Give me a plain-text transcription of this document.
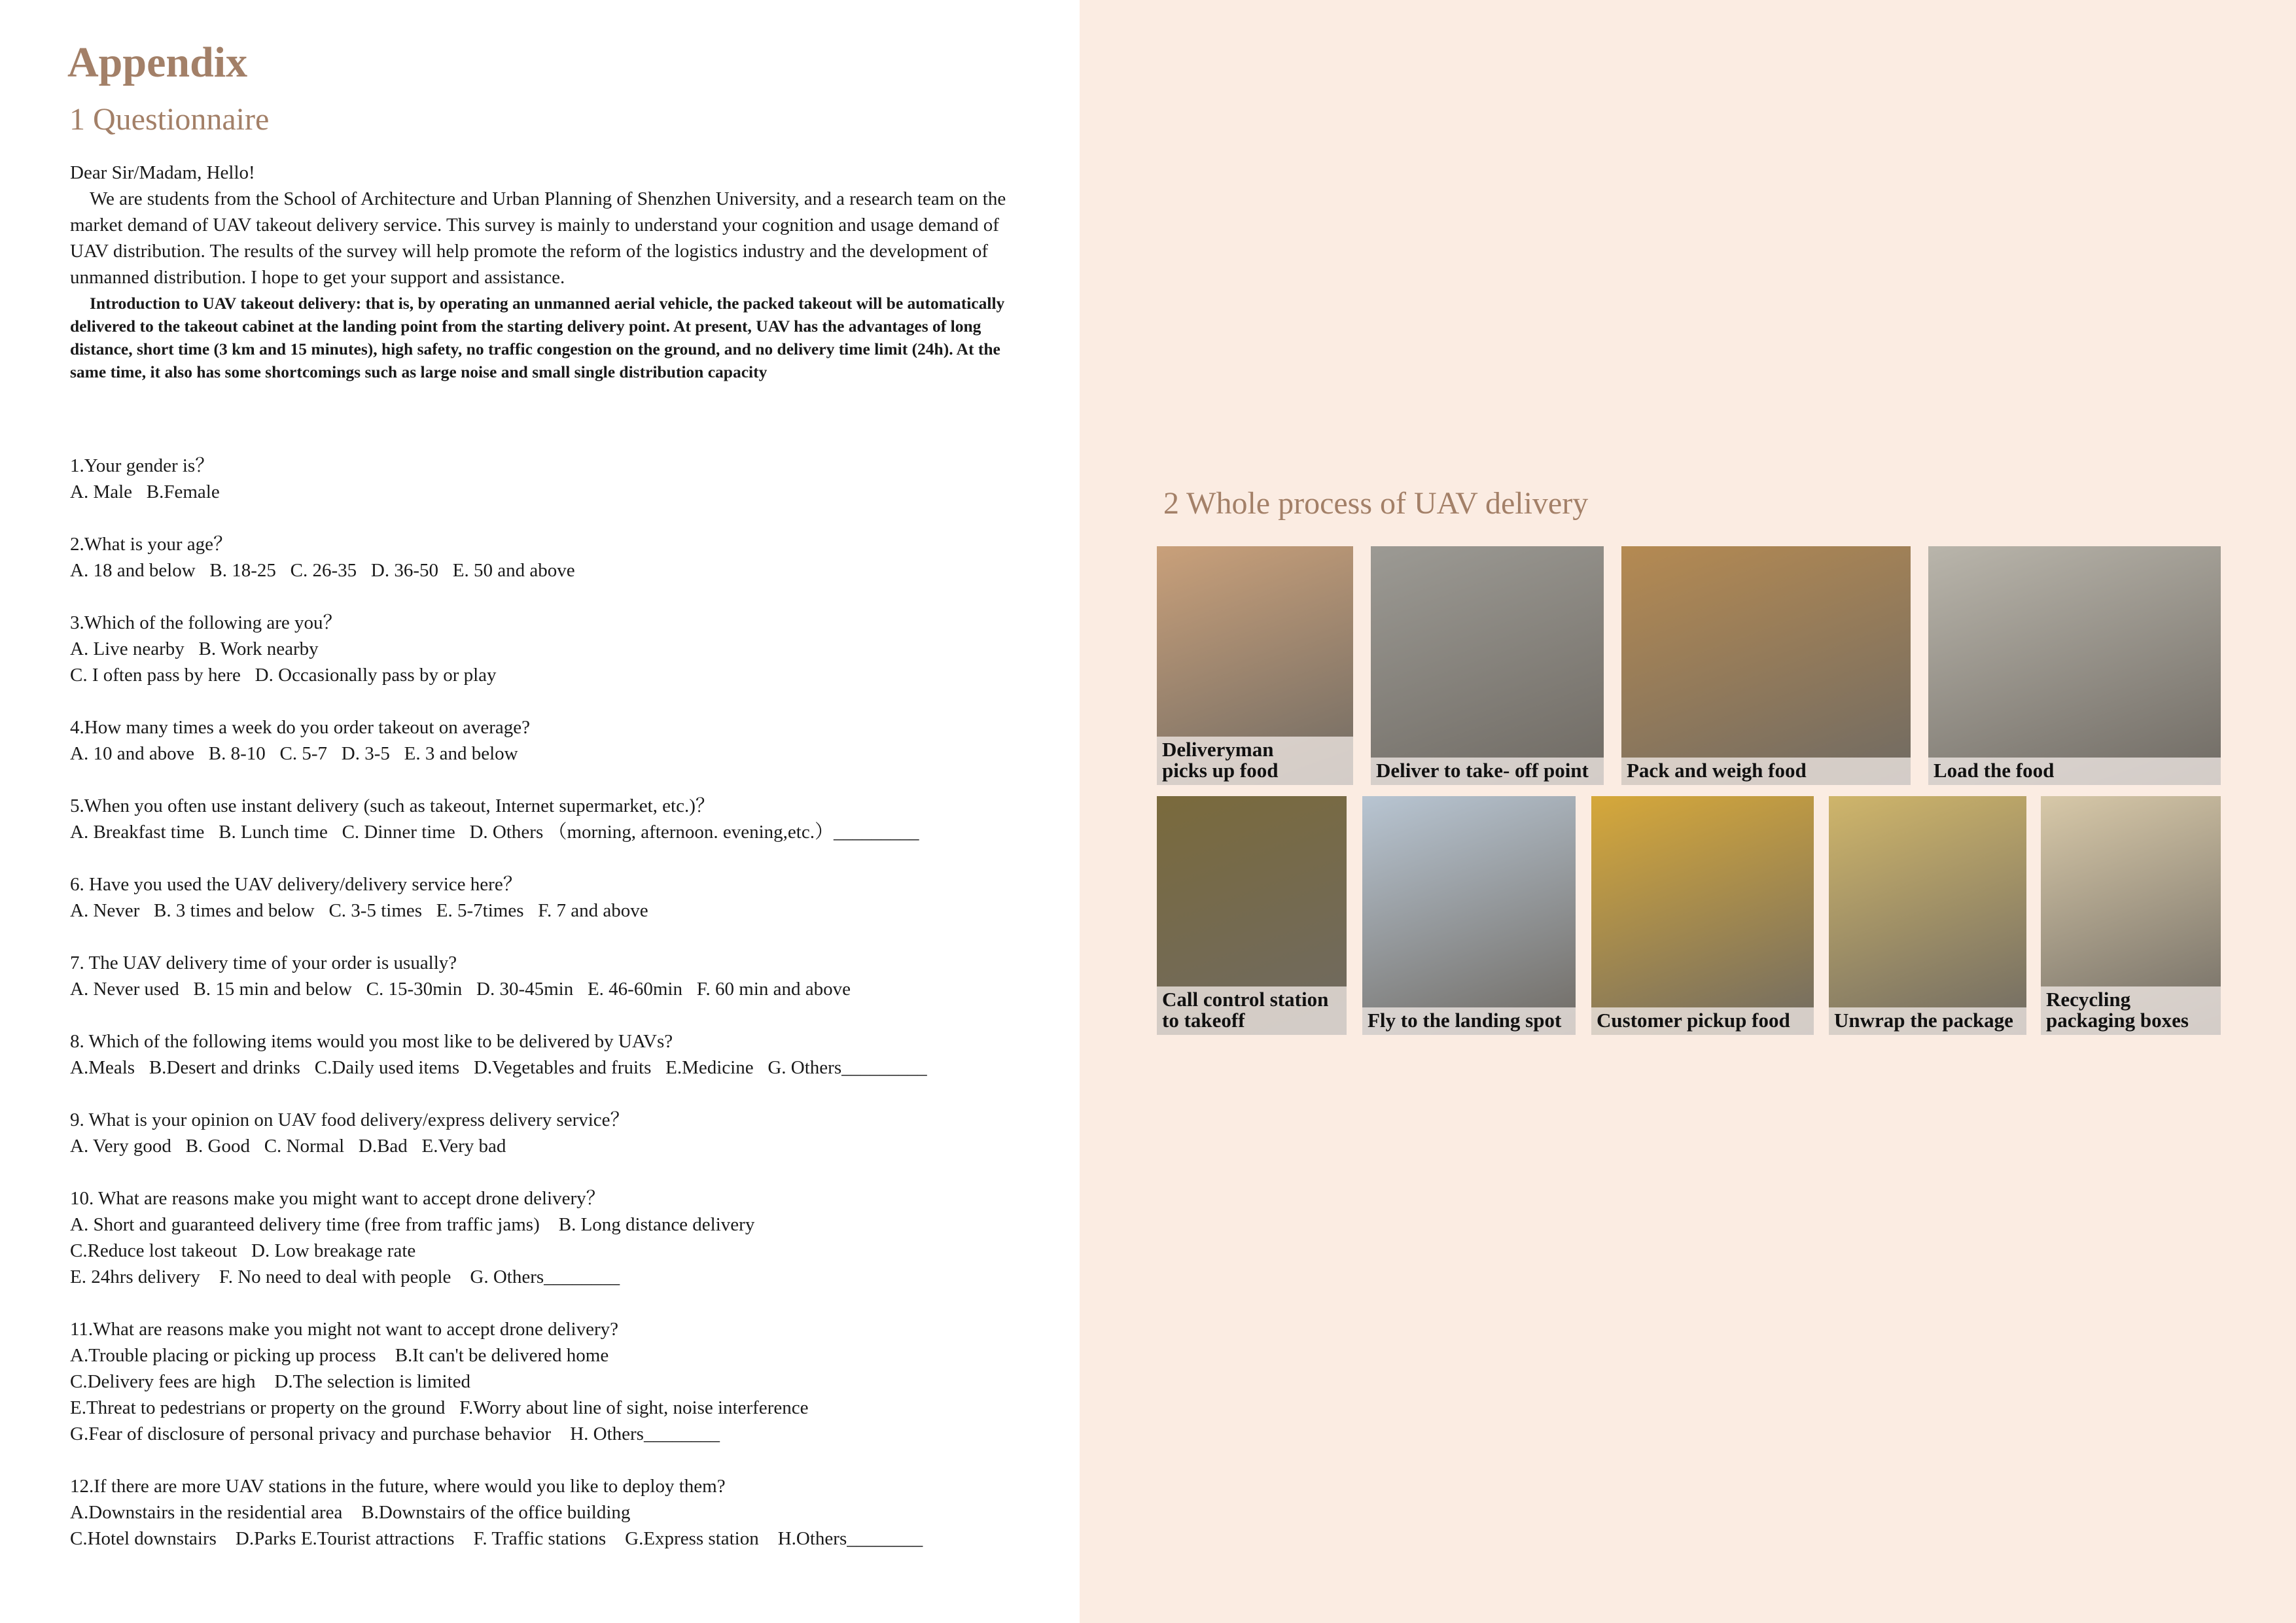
Appendix
1 Questionnaire

Dear Sir/Madam, Hello!

We are students from the School of Architecture and Urban Planning of Shenzhen University, and a research team on the market demand of UAV takeout delivery service. This survey is mainly to understand your cognition and usage demand of UAV distribution. The results of the survey will help promote the reform of the logistics industry and the development of unmanned distribution. I hope to get your support and assistance.

Introduction to UAV takeout delivery: that is, by operating an unmanned aerial vehicle, the packed takeout will be automatically delivered to the takeout cabinet at the landing point from the starting delivery point. At present, UAV has the advantages of long distance, short time (3 km and 15 minutes), high safety, no traffic congestion on the ground, and no delivery time limit (24h). At the same time, it also has some shortcomings such as large noise and small single distribution capacity

1.Your gender is？
A. Male   B.Female
2.What is your age？
A. 18 and below   B. 18-25   C. 26-35   D. 36-50   E. 50 and above
3.Which of the following are you？
A. Live nearby   B. Work nearby
C. I often pass by here   D. Occasionally pass by or play
4.How many times a week do you order takeout on average?
A. 10 and above   B. 8-10   C. 5-7   D. 3-5   E. 3 and below
5.When you often use instant delivery (such as takeout, Internet supermarket, etc.)？
A. Breakfast time   B. Lunch time   C. Dinner time   D. Others （morning, afternoon. evening,etc.）_________
6. Have you used the UAV delivery/delivery service here？
A. Never   B. 3 times and below   C. 3-5 times   E. 5-7times   F. 7 and above
7. The UAV delivery time of your order is usually?
A. Never used   B. 15 min and below   C. 15-30min   D. 30-45min   E. 46-60min   F. 60 min and above
8. Which of the following items would you most like to be delivered by UAVs?
A.Meals   B.Desert and drinks   C.Daily used items   D.Vegetables and fruits   E.Medicine   G. Others_________
9. What is your opinion on UAV food delivery/express delivery service？
A. Very good   B. Good   C. Normal   D.Bad   E.Very bad
10. What are reasons make you might want to accept drone delivery？
A. Short and guaranteed delivery time (free from traffic jams)    B. Long distance delivery
C.Reduce lost takeout   D. Low breakage rate
E. 24hrs delivery    F. No need to deal with people    G. Others________
11.What are reasons make you might not want to accept drone delivery?
A.Trouble placing or picking up process    B.It can't be delivered home
C.Delivery fees are high    D.The selection is limited
E.Threat to pedestrians or property on the ground   F.Worry about line of sight, noise interference
G.Fear of disclosure of personal privacy and purchase behavior    H. Others________
12.If there are more UAV stations in the future, where would you like to deploy them?
A.Downstairs in the residential area    B.Downstairs of the office building
C.Hotel downstairs    D.Parks E.Tourist attractions    F. Traffic stations    G.Express station    H.Others________
2 Whole process of UAV delivery
Deliveryman
picks up food	Deliver to take- off point	Pack and weigh food	Load the food
Call control station
to takeoff	Fly to the landing spot	Customer pickup food	Unwrap the package
Recycling
packaging boxes
